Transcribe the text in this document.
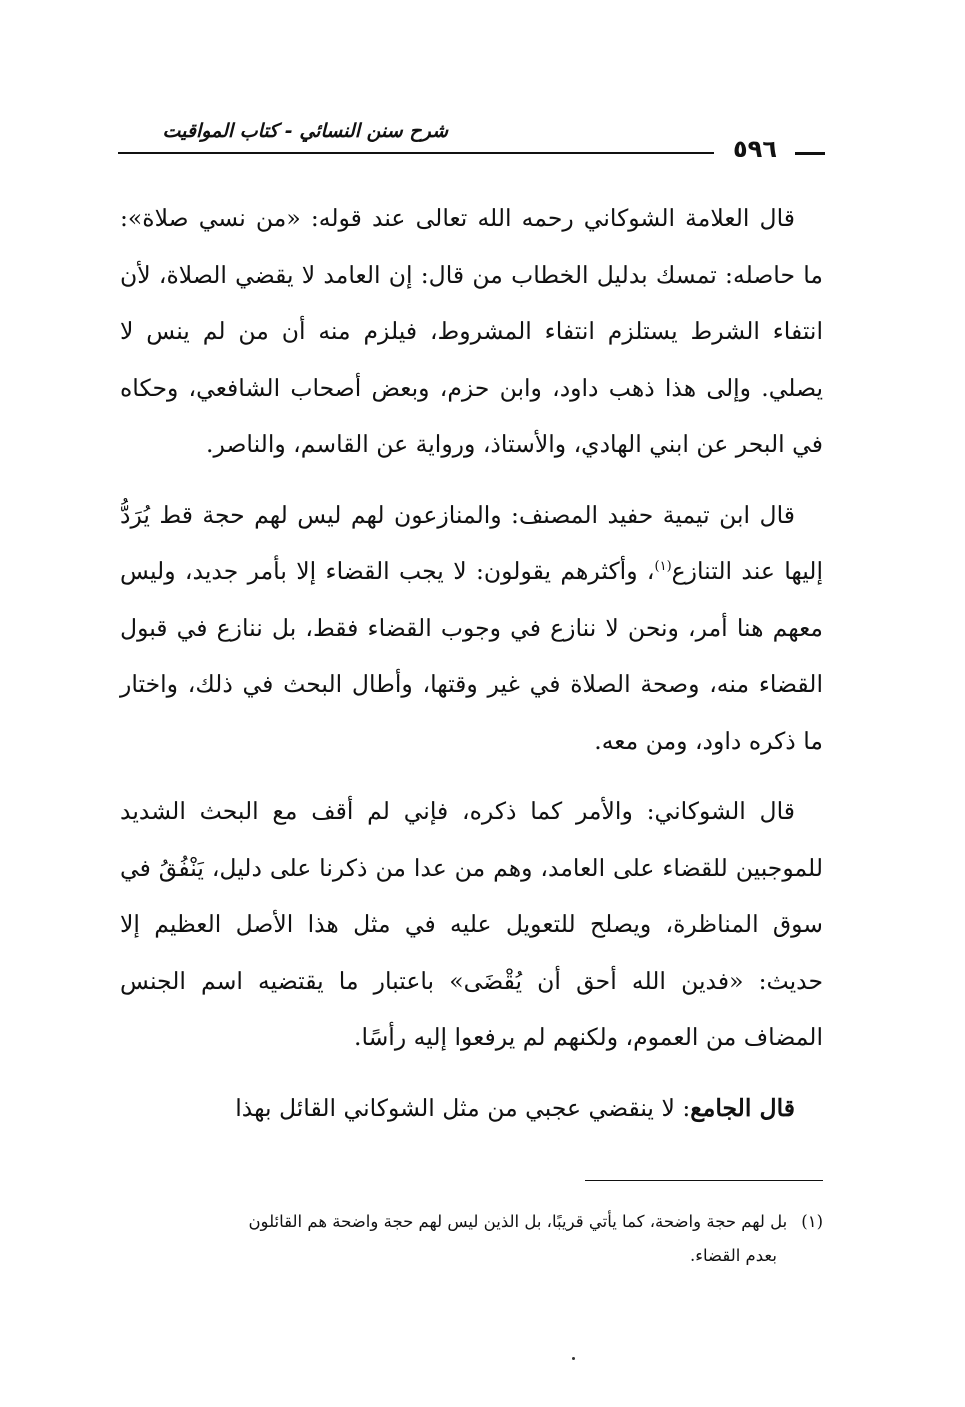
شرح سنن النسائي - كتاب المواقيت
٥٩٦

قال العلامة الشوكاني رحمه الله تعالى عند قوله: «من نسي صلاة»: ما حاصله: تمسك بدليل الخطاب من قال: إن العامد لا يقضي الصلاة، لأن انتفاء الشرط يستلزم انتفاء المشروط، فيلزم منه أن من لم ينس لا يصلي. وإلى هذا ذهب داود، وابن حزم، وبعض أصحاب الشافعي، وحكاه في البحر عن ابني الهادي، والأستاذ، ورواية عن القاسم، والناصر.

قال ابن تيمية حفيد المصنف: والمنازعون لهم ليس لهم حجة قط يُرَدُّ إليها عند التنازع$^{(١)}$، وأكثرهم يقولون: لا يجب القضاء إلا بأمر جديد، وليس معهم هنا أمر، ونحن لا ننازع في وجوب القضاء فقط، بل ننازع في قبول القضاء منه، وصحة الصلاة في غير وقتها، وأطال البحث في ذلك، واختار ما ذكره داود، ومن معه.

قال الشوكاني: والأمر كما ذكره، فإني لم أقف مع البحث الشديد للموجبين للقضاء على العامد، وهم من عدا من ذكرنا على دليل، يَنْفُقُ في سوق المناظرة، ويصلح للتعويل عليه في مثل هذا الأصل العظيم إلا حديث: «فدين الله أحق أن يُقْضَى» باعتبار ما يقتضيه اسم الجنس المضاف من العموم، ولكنهم لم يرفعوا إليه رأسًا.

قال الجامع: لا ينقضي عجبي من مثل الشوكاني القائل بهذا

(١)بل لهم حجة واضحة، كما يأتي قريبًا، بل الذين ليس لهم حجة واضحة هم القائلون
بعدم القضاء.
